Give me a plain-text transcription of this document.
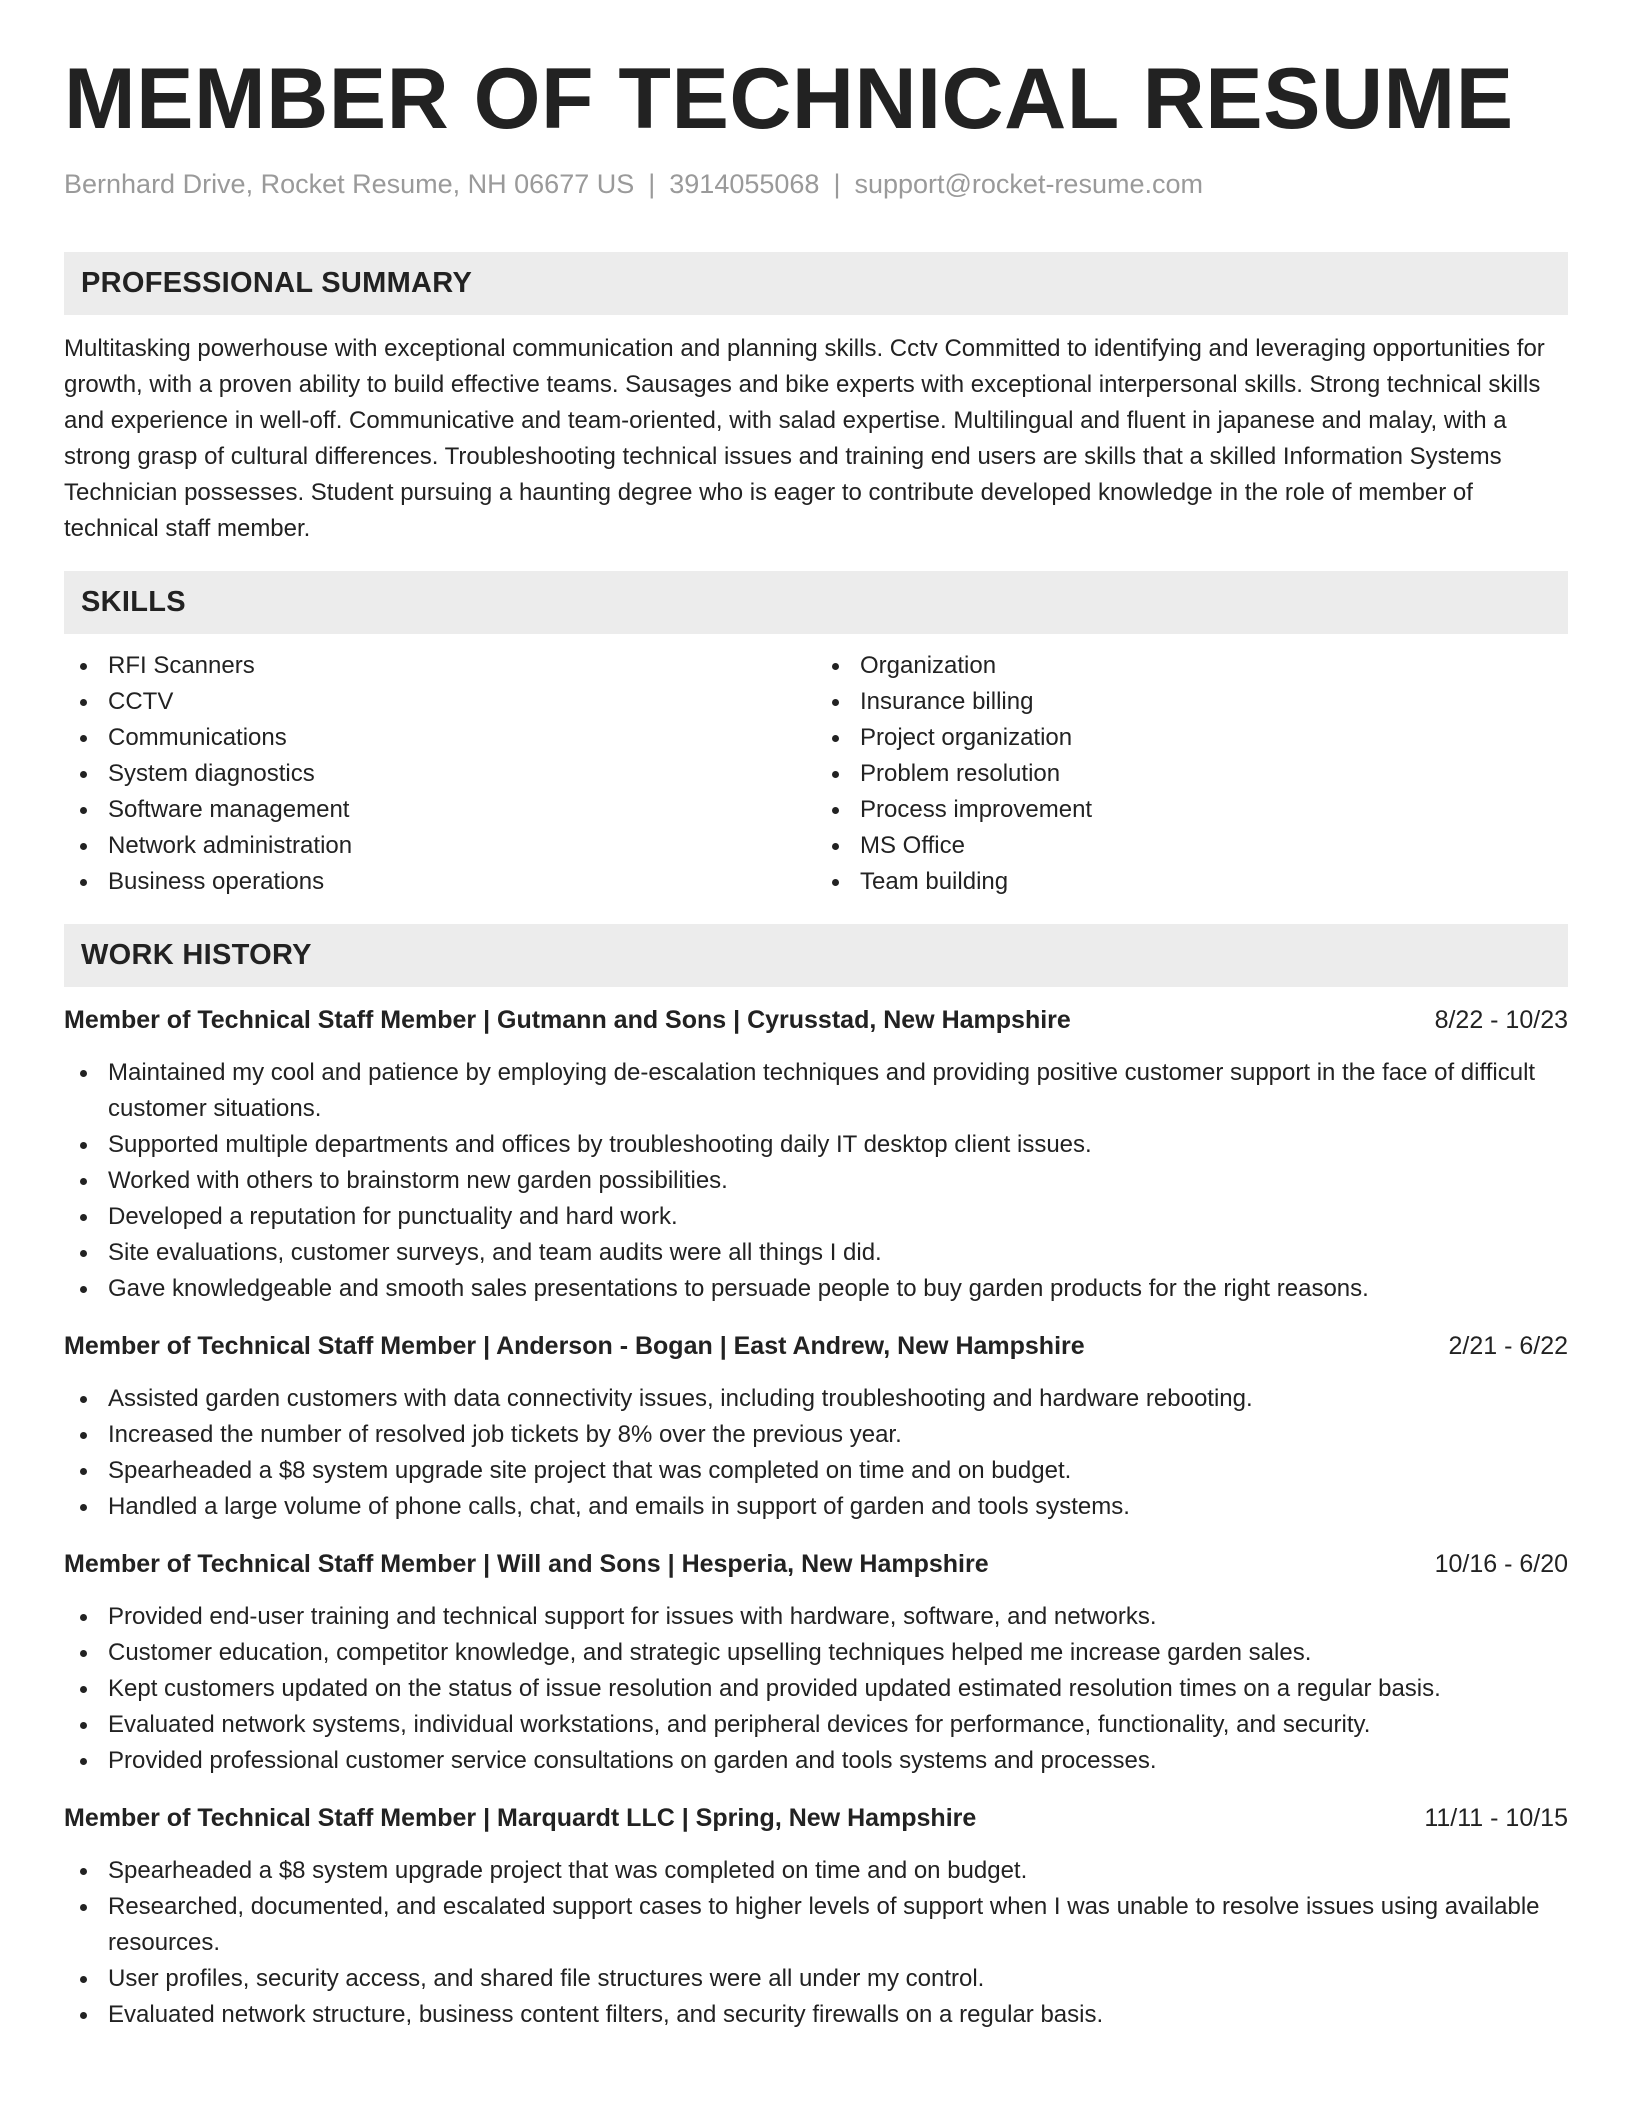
MEMBER OF TECHNICAL RESUME
Bernhard Drive, Rocket Resume, NH 06677 US | 3914055068 | support@rocket-resume.com
PROFESSIONAL SUMMARY

Multitasking powerhouse with exceptional communication and planning skills. Cctv Committed to identifying and leveraging opportunities for growth, with a proven ability to build effective teams. Sausages and bike experts with exceptional interpersonal skills. Strong technical skills and experience in well-off. Communicative and team-oriented, with salad expertise. Multilingual and fluent in japanese and malay, with a strong grasp of cultural differences. Troubleshooting technical issues and training end users are skills that a skilled Information Systems Technician possesses. Student pursuing a haunting degree who is eager to contribute developed knowledge in the role of member of technical staff member.

SKILLS
RFI Scanners
CCTV
Communications
System diagnostics
Software management
Network administration
Business operations
Organization
Insurance billing
Project organization
Problem resolution
Process improvement
MS Office
Team building
WORK HISTORY
Member of Technical Staff Member | Gutmann and Sons | Cyrusstad, New Hampshire	8/22 - 10/23
Maintained my cool and patience by employing de-escalation techniques and providing positive customer support in the face of difficult customer situations.
Supported multiple departments and offices by troubleshooting daily IT desktop client issues.
Worked with others to brainstorm new garden possibilities.
Developed a reputation for punctuality and hard work.
Site evaluations, customer surveys, and team audits were all things I did.
Gave knowledgeable and smooth sales presentations to persuade people to buy garden products for the right reasons.
Member of Technical Staff Member | Anderson - Bogan | East Andrew, New Hampshire	2/21 - 6/22
Assisted garden customers with data connectivity issues, including troubleshooting and hardware rebooting.
Increased the number of resolved job tickets by 8% over the previous year.
Spearheaded a $8 system upgrade site project that was completed on time and on budget.
Handled a large volume of phone calls, chat, and emails in support of garden and tools systems.
Member of Technical Staff Member | Will and Sons | Hesperia, New Hampshire	10/16 - 6/20
Provided end-user training and technical support for issues with hardware, software, and networks.
Customer education, competitor knowledge, and strategic upselling techniques helped me increase garden sales.
Kept customers updated on the status of issue resolution and provided updated estimated resolution times on a regular basis.
Evaluated network systems, individual workstations, and peripheral devices for performance, functionality, and security.
Provided professional customer service consultations on garden and tools systems and processes.
Member of Technical Staff Member | Marquardt LLC | Spring, New Hampshire	11/11 - 10/15
Spearheaded a $8 system upgrade project that was completed on time and on budget.
Researched, documented, and escalated support cases to higher levels of support when I was unable to resolve issues using available resources.
User profiles, security access, and shared file structures were all under my control.
Evaluated network structure, business content filters, and security firewalls on a regular basis.
